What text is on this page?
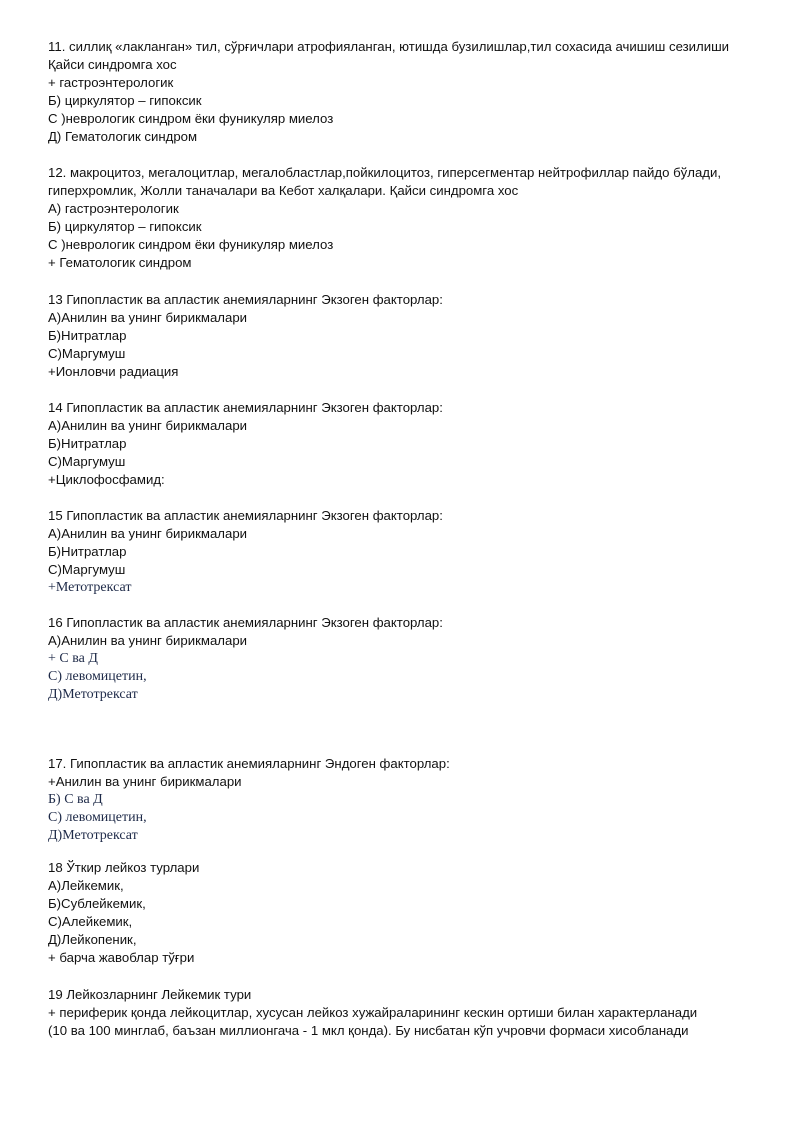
11. силлиқ «лакланган» тил, сўрғичлари атрофияланган, ютишда бузилишлар,тил сохасида ачишиш сезилиши
Қайси синдромга хос
+ гастроэнтерологик
Б) циркулятор – гипоксик
С )неврологик синдром ёки фуникуляр миелоз
Д) Гематологик синдром
12. макроцитоз, мегалоцитлар, мегалобластлар,пойкилоцитоз, гиперсегментар нейтрофиллар пайдо бўлади,
гиперхромлик, Жолли таначалари ва Кебот халқалари. Қайси синдромга хос
А) гастроэнтерологик
Б) циркулятор – гипоксик
С )неврологик синдром ёки фуникуляр миелоз
+ Гематологик синдром
13 Гипопластик ва апластик анемияларнинг Экзоген факторлар:
А)Анилин ва унинг бирикмалари
Б)Нитратлар
С)Маргумуш
+Ионловчи радиация
14 Гипопластик ва апластик анемияларнинг Экзоген факторлар:
А)Анилин ва унинг бирикмалари
Б)Нитратлар
С)Маргумуш
+Циклофосфамид:
15 Гипопластик ва апластик анемияларнинг Экзоген факторлар:
А)Анилин ва унинг бирикмалари
Б)Нитратлар
С)Маргумуш
+Метотрексат
16 Гипопластик ва апластик анемияларнинг Экзоген факторлар:
А)Анилин ва унинг бирикмалари
+ С ва Д
С) левомицетин,
Д)Метотрексат
17. Гипопластик ва апластик анемияларнинг Эндоген факторлар:
+Анилин ва унинг бирикмалари
Б) С ва Д
С) левомицетин,
Д)Метотрексат
18 Ўткир лейкоз турлари
А)Лейкемик,
Б)Сублейкемик,
С)Алейкемик,
Д)Лейкопеник,
+ барча жавоблар тўғри
19 Лейкозларнинг Лейкемик тури
+ периферик қонда лейкоцитлар, хусусан лейкоз хужайраларининг кескин ортиши билан характерланади
(10 ва 100 минглаб, баъзан миллионгача - 1 мкл қонда). Бу нисбатан кўп учровчи формаси хисобланади
